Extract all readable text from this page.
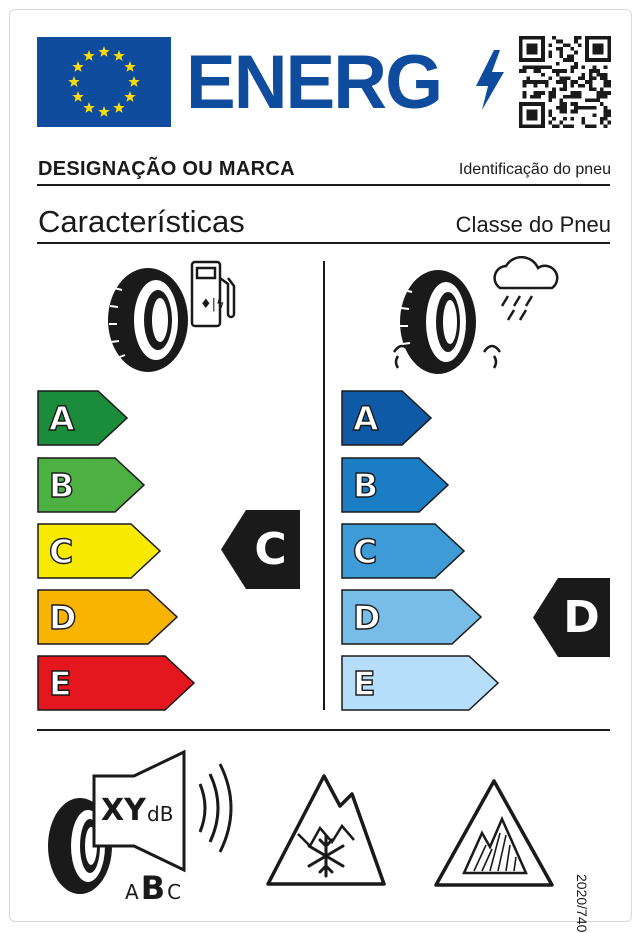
ENERG
DESIGNAÇÃO OU MARCA	Identificação do pneu
Características	Classe do Pneu
♦|ϟ
A
B
C
D
E
A
B
C
D
E
C
D
XY dB
AB C	2020/740
